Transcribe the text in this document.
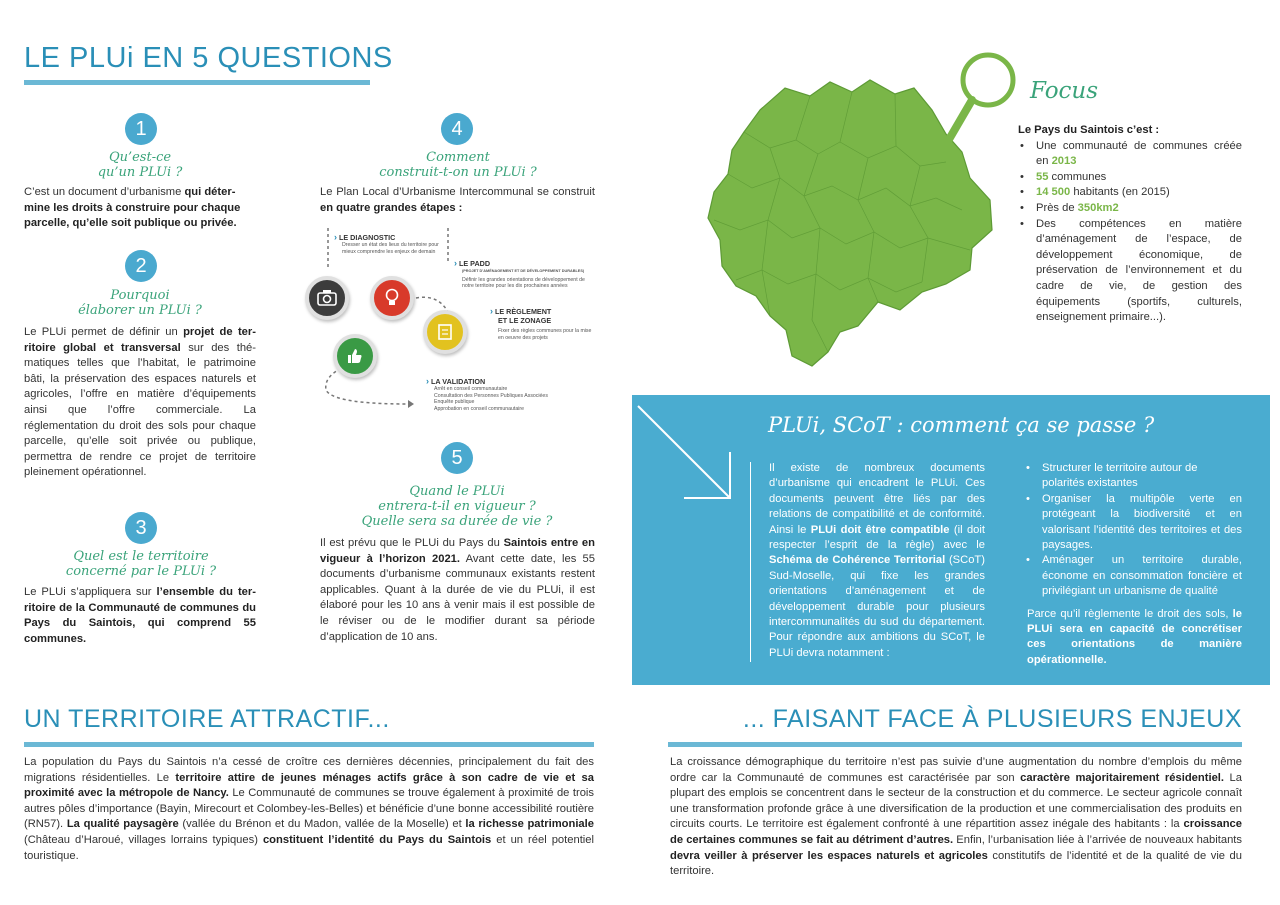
LE PLUi EN 5 QUESTIONS
1
Qu’est-ce
qu’un PLUi ?
C’est un document d’urbanisme qui déter- mine les droits à construire pour chaque parcelle, qu’elle soit publique ou privée.
2
Pourquoi
élaborer un PLUi ?
Le PLUi permet de définir un projet de ter- ritoire global et transversal sur des thé- matiques telles que l’habitat, le patrimoine bâti, la préservation des espaces naturels et agricoles, l’offre en matière d’équipements ainsi que l’offre commerciale. La réglementation du droit des sols pour chaque parcelle, qu’elle soit privée ou publique, permettra de rendre ce projet de territoire pleinement opérationnel.
3
Quel est le territoire
concerné par le PLUi ?
Le PLUi s’appliquera sur l’ensemble du ter- ritoire de la Communauté de communes du Pays du Saintois, qui comprend 55 communes.
4
Comment
construit-t-on un PLUi ?
Le Plan Local d’Urbanisme Intercommunal se construit en quatre grandes étapes :
› LE DIAGNOSTIC
Dresser un état des lieux du territoire pour mieux comprendre les enjeux de demain
› LE PADD
(PROJET D’AMÉNAGEMENT ET DE DÉVELOPPEMENT DURABLES)
Définir les grandes orientations de développement de notre territoire pour les dix prochaines années
› LE RÈGLEMENT
ET LE ZONAGE
Fixer des règles communes pour la mise en oeuvre des projets
› LA VALIDATION
Arrêt en conseil communautaire
Consultation des Personnes Publiques Associées
Enquête publique
Approbation en conseil communautaire
5
Quand le PLUi
entrera-t-il en vigueur ?
Quelle sera sa durée de vie ?
Il est prévu que le PLUi du Pays du Saintois entre en vigueur à l’horizon 2021. Avant cette date, les 55 documents d’urbanisme communaux existants restent applicables. Quant à la durée de vie du PLUi, il est élaboré pour les 10 ans à venir mais il est possible de le réviser ou de le modifier durant sa période d’application de 10 ans.
Focus
Le Pays du Saintois c’est :
• Une communauté de communes créée en 2013
• 55 communes
• 14 500 habitants (en 2015)
• Près de 350km2
• Des compétences en matière d’aménagement de l’espace, de développement économique, de préservation de l’environnement et du cadre de vie, de gestion des équipements (sportifs, culturels, enseignement primaire...).
PLUi, SCoT : comment ça se passe ?
Il existe de nombreux documents d’urbanisme qui encadrent le PLUi. Ces documents peuvent être liés par des relations de compatibilité et de conformité. Ainsi le PLUi doit être compatible (il doit respecter l’esprit de la règle) avec le Schéma de Cohérence Territorial (SCoT) Sud-Moselle, qui fixe les grandes orientations d’aménagement et de développement durable pour plusieurs intercommunalités du sud du département. Pour répondre aux ambitions du SCoT, le PLUi devra notamment :
• Structurer le territoire autour de polarités existantes
• Organiser la multipôle verte en protégeant la biodiversité et en valorisant l’identité des territoires et des paysages.
• Aménager un territoire durable, économe en consommation foncière et privilégiant un urbanisme de qualité
Parce qu’il règlemente le droit des sols, le PLUi sera en capacité de concrétiser ces orientations de manière opérationnelle.
UN TERRITOIRE ATTRACTIF...
La population du Pays du Saintois n’a cessé de croître ces dernières décennies, principalement du fait des migrations résidentielles. Le territoire attire de jeunes ménages actifs grâce à son cadre de vie et sa proximité avec la métropole de Nancy. Le Communauté de communes se trouve également à proximité de trois autres pôles d’importance (Bayin, Mirecourt et Colombey-les-Belles) et bénéficie d’une bonne accessibilité routière (RN57). La qualité paysagère (vallée du Brénon et du Madon, vallée de la Moselle) et la richesse patrimoniale (Château d’Haroué, villages lorrains typiques) constituent l’identité du Pays du Saintois et un réel potentiel touristique.
... FAISANT FACE À PLUSIEURS ENJEUX
La croissance démographique du territoire n’est pas suivie d’une augmentation du nombre d’emplois du même ordre car la Communauté de communes est caractérisée par son caractère majoritairement résidentiel. La plupart des emplois se concentrent dans le secteur de la construction et du commerce. Le secteur agricole connaît une transformation profonde grâce à une diversification de la production et une commercialisation des produits en circuits courts. Le territoire est également confronté à une répartition assez inégale des habitants : la croissance de certaines communes se fait au détriment d’autres. Enfin, l’urbanisation liée à l’arrivée de nouveaux habitants devra veiller à préserver les espaces naturels et agricoles constitutifs de l’identité et de la qualité de vie du territoire.
